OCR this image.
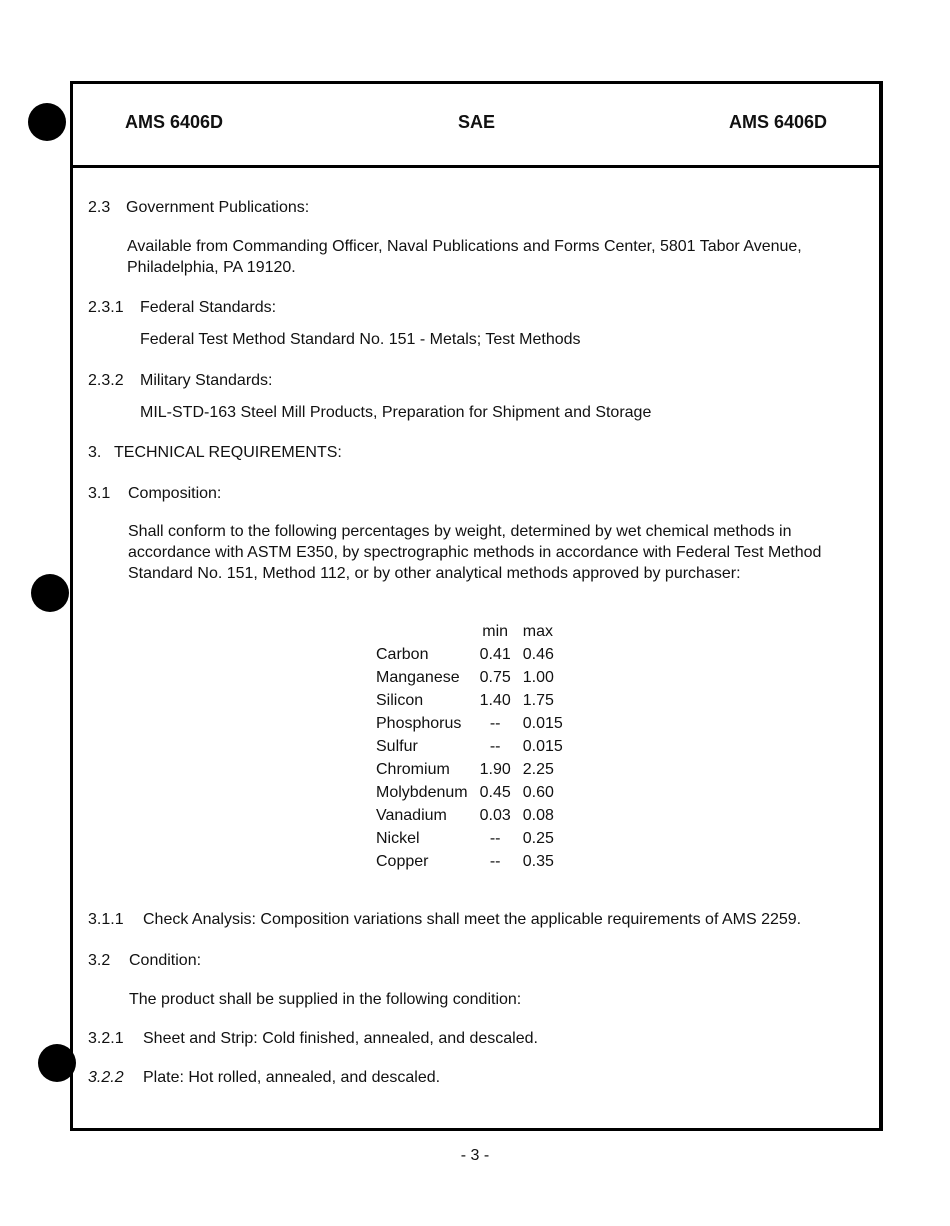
AMS 6406D	SAE	AMS 6406D
2.3 Government Publications:
Available from Commanding Officer, Naval Publications and Forms Center, 5801 Tabor Avenue, Philadelphia, PA 19120.
2.3.1 Federal Standards:
Federal Test Method Standard No. 151 - Metals; Test Methods
2.3.2 Military Standards:
MIL-STD-163 Steel Mill Products, Preparation for Shipment and Storage
3. TECHNICAL REQUIREMENTS:
3.1 Composition:
Shall conform to the following percentages by weight, determined by wet chemical methods in accordance with ASTM E350, by spectrographic methods in accordance with Federal Test Method Standard No. 151, Method 112, or by other analytical methods approved by purchaser:
	min	max
Carbon	0.41	0.46
Manganese	0.75	1.00
Silicon	1.40	1.75
Phosphorus	--	0.015
Sulfur	--	0.015
Chromium	1.90	2.25
Molybdenum	0.45	0.60
Vanadium	0.03	0.08
Nickel	--	0.25
Copper	--	0.35
3.1.1 Check Analysis: Composition variations shall meet the applicable requirements of AMS 2259.
3.2 Condition:
The product shall be supplied in the following condition:
3.2.1 Sheet and Strip: Cold finished, annealed, and descaled.
3.2.2 Plate: Hot rolled, annealed, and descaled.
- 3 -
